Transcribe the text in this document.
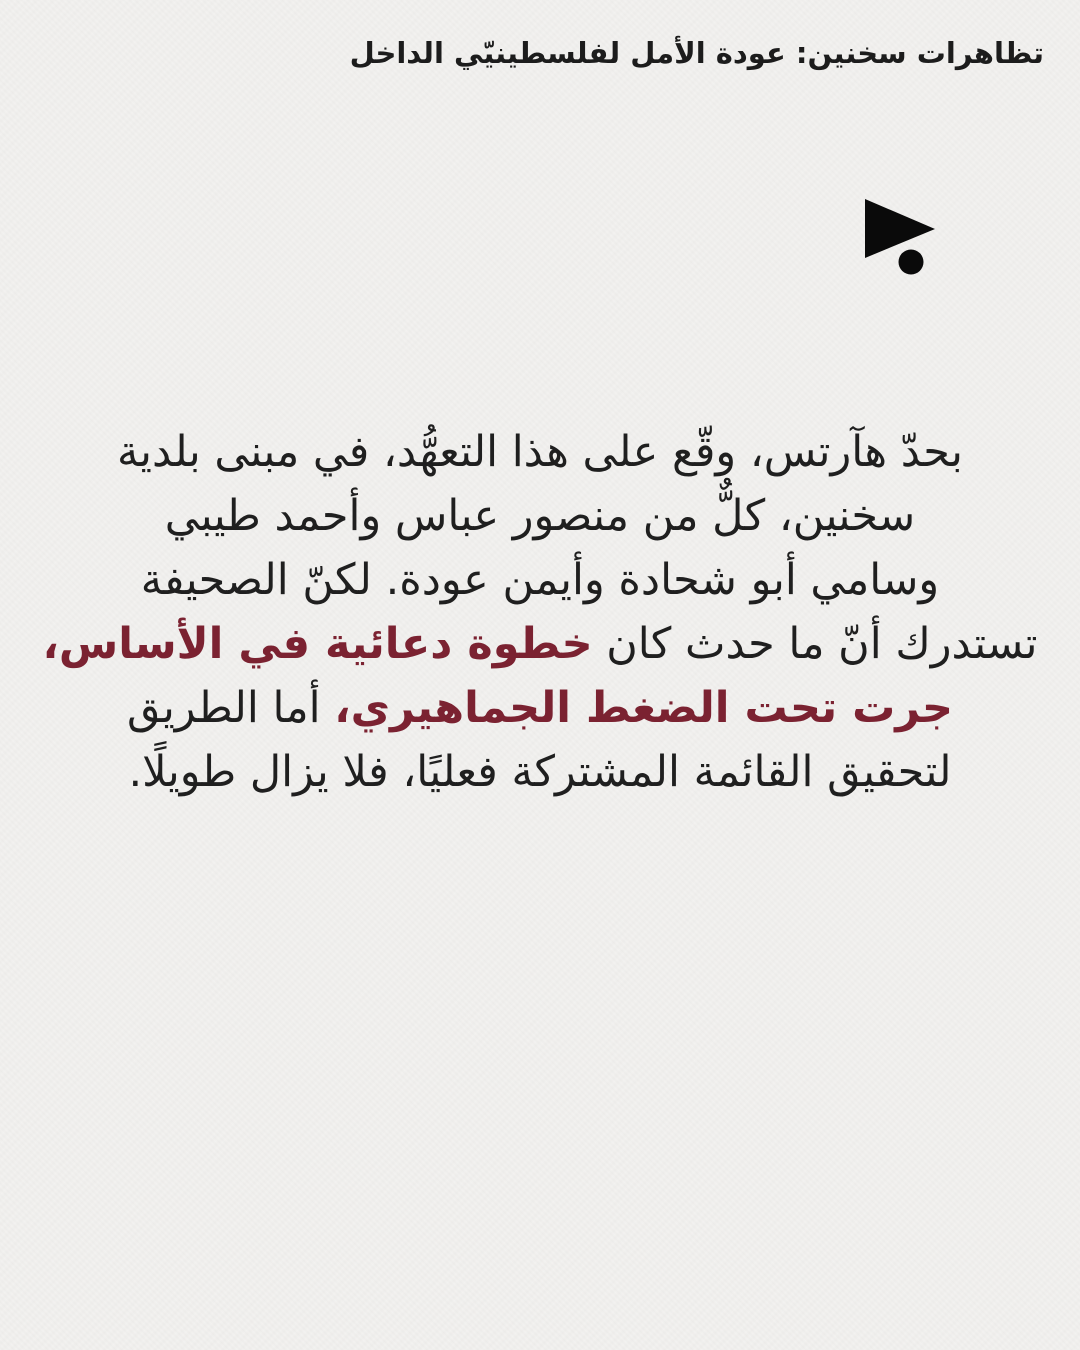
تظاهرات سخنين: عودة الأمل لفلسطينيّي الداخل
بحدّ هآرتس، وقّع على هذا التعهُّد، في مبنى بلدية
سخنين، كلٌّ من منصور عباس وأحمد طيبي
وسامي أبو شحادة وأيمن عودة. لكنّ الصحيفة
تستدرك أنّ ما حدث كان خطوة دعائية في الأساس،
جرت تحت الضغط الجماهيري، أما الطريق
لتحقيق القائمة المشتركة فعليًا، فلا يزال طويلًا.
